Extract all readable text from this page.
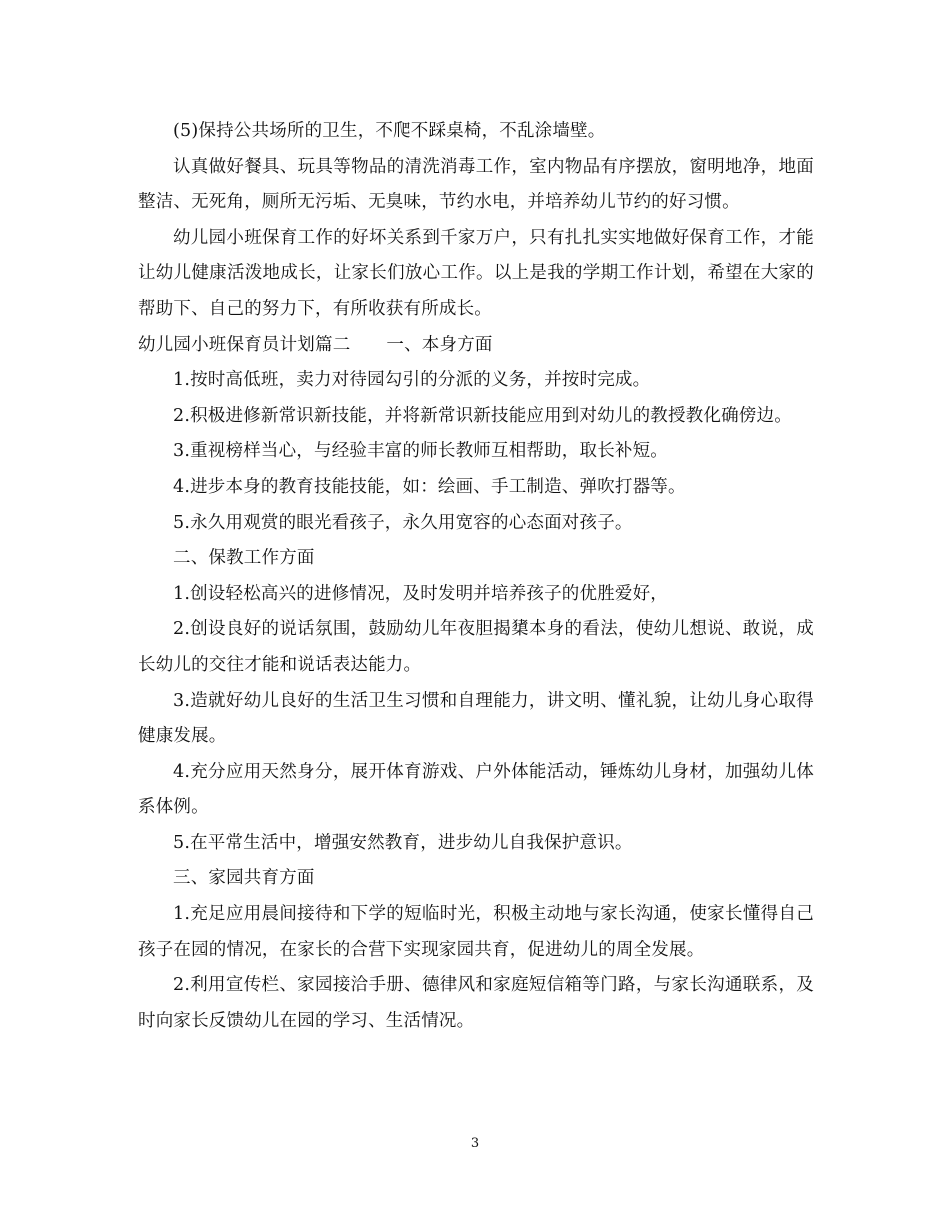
(5)保持公共场所的卫生，不爬不踩桌椅，不乱涂墙壁。

认真做好餐具、玩具等物品的清洗消毒工作，室内物品有序摆放，窗明地净，地面整洁、无死角，厕所无污垢、无臭味，节约水电，并培养幼儿节约的好习惯。

幼儿园小班保育工作的好坏关系到千家万户，只有扎扎实实地做好保育工作，才能让幼儿健康活泼地成长，让家长们放心工作。以上是我的学期工作计划，希望在大家的帮助下、自己的努力下，有所收获有所成长。

幼儿园小班保育员计划篇二 一、本身方面

1.按时高低班，卖力对待园勾引的分派的义务，并按时完成。

2.积极进修新常识新技能，并将新常识新技能应用到对幼儿的教授教化确傍边。

3.重视榜样当心，与经验丰富的师长教师互相帮助，取长补短。

4.进步本身的教育技能技能，如：绘画、手工制造、弹吹打器等。

5.永久用观赏的眼光看孩子，永久用宽容的心态面对孩子。

二、保教工作方面

1.创设轻松高兴的进修情况，及时发明并培养孩子的优胜爱好，

2.创设良好的说话氛围，鼓励幼儿年夜胆揭橥本身的看法，使幼儿想说、敢说，成长幼儿的交往才能和说话表达能力。

3.造就好幼儿良好的生活卫生习惯和自理能力，讲文明、懂礼貌，让幼儿身心取得健康发展。

4.充分应用天然身分，展开体育游戏、户外体能活动，锤炼幼儿身材，加强幼儿体系体例。

5.在平常生活中，增强安然教育，进步幼儿自我保护意识。

三、家园共育方面

1.充足应用晨间接待和下学的短临时光，积极主动地与家长沟通，使家长懂得自己孩子在园的情况，在家长的合营下实现家园共育，促进幼儿的周全发展。

2.利用宣传栏、家园接洽手册、德律风和家庭短信箱等门路，与家长沟通联系，及时向家长反馈幼儿在园的学习、生活情况。

3
